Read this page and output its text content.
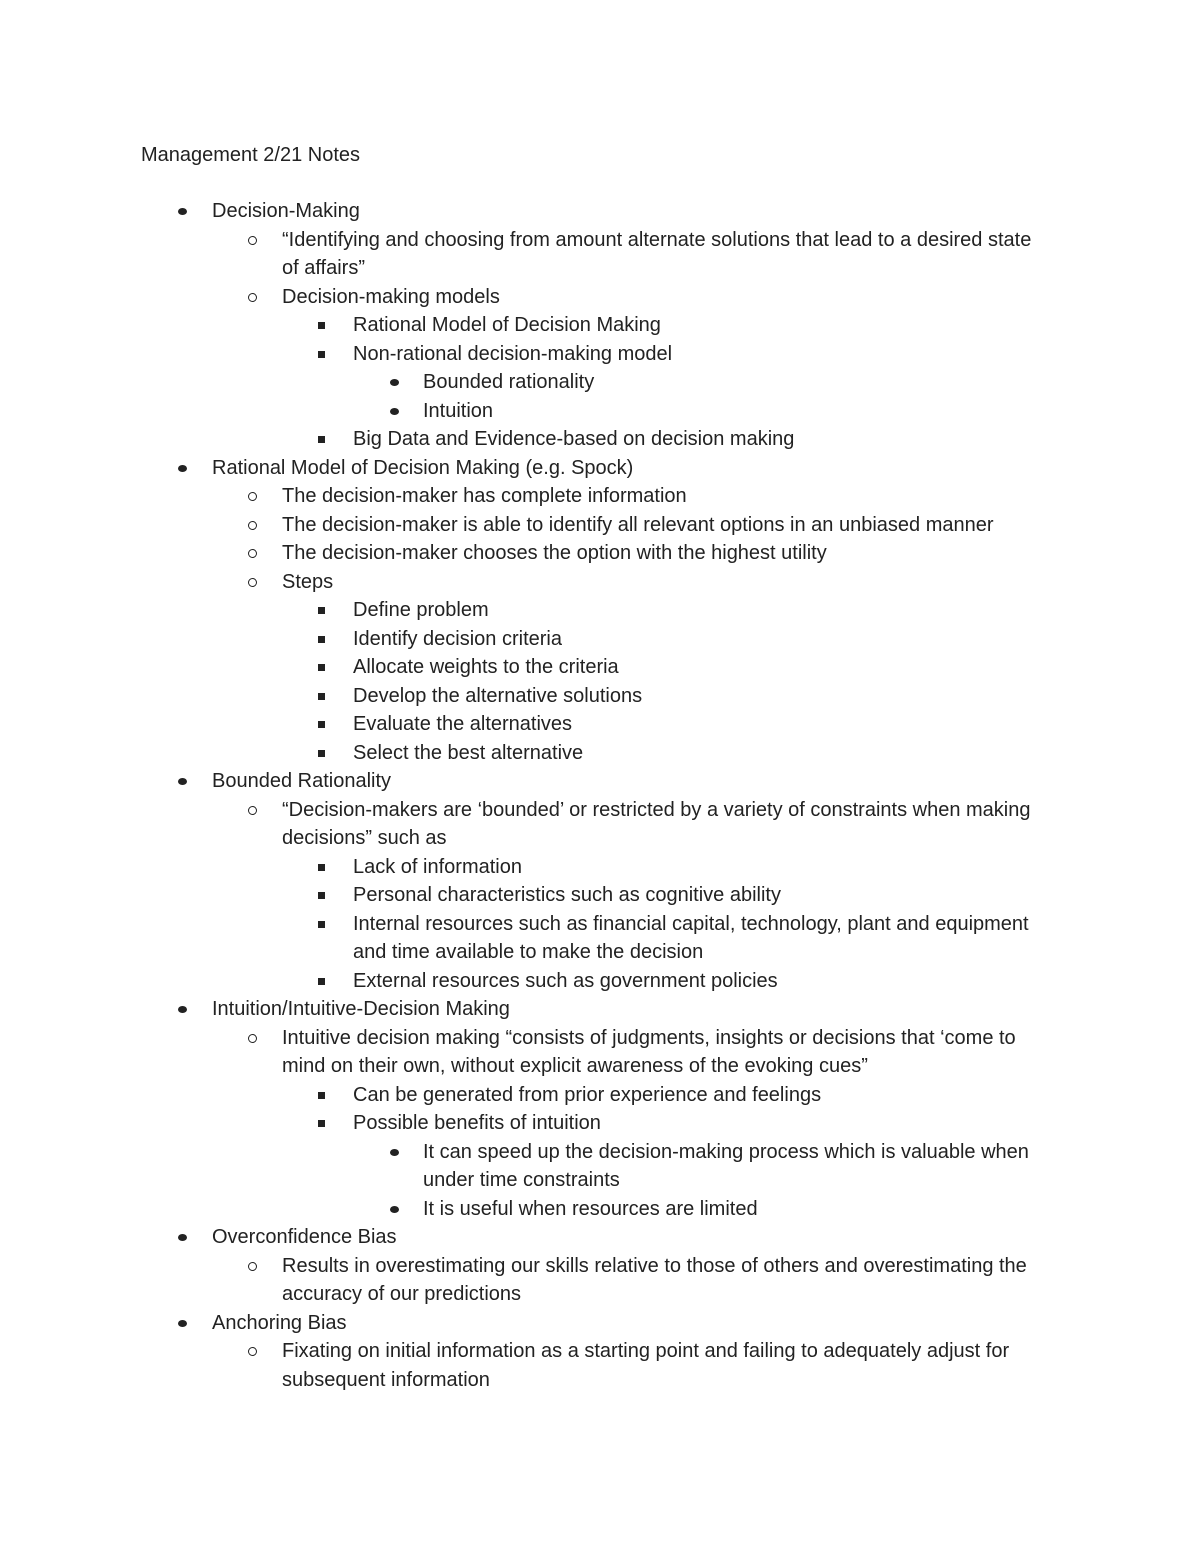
Management 2/21 Notes
Decision-Making
“Identifying and choosing from amount alternate solutions that lead to a desired state of affairs”
Decision-making models
Rational Model of Decision Making
Non-rational decision-making model
Bounded rationality
Intuition
Big Data and Evidence-based on decision making
Rational Model of Decision Making (e.g. Spock)
The decision-maker has complete information
The decision-maker is able to identify all relevant options in an unbiased manner
The decision-maker chooses the option with the highest utility
Steps
Define problem
Identify decision criteria
Allocate weights to the criteria
Develop the alternative solutions
Evaluate the alternatives
Select the best alternative
Bounded Rationality
“Decision-makers are ‘bounded’ or restricted by a variety of constraints when making decisions” such as
Lack of information
Personal characteristics such as cognitive ability
Internal resources such as financial capital, technology, plant and equipment and time available to make the decision
External resources such as government policies
Intuition/Intuitive-Decision Making
Intuitive decision making “consists of judgments, insights or decisions that ‘come to mind on their own, without explicit awareness of the evoking cues”
Can be generated from prior experience and feelings
Possible benefits of intuition
It can speed up the decision-making process which is valuable when under time constraints
It is useful when resources are limited
Overconfidence Bias
Results in overestimating our skills relative to those of others and overestimating the accuracy of our predictions
Anchoring Bias
Fixating on initial information as a starting point and failing to adequately adjust for subsequent information
